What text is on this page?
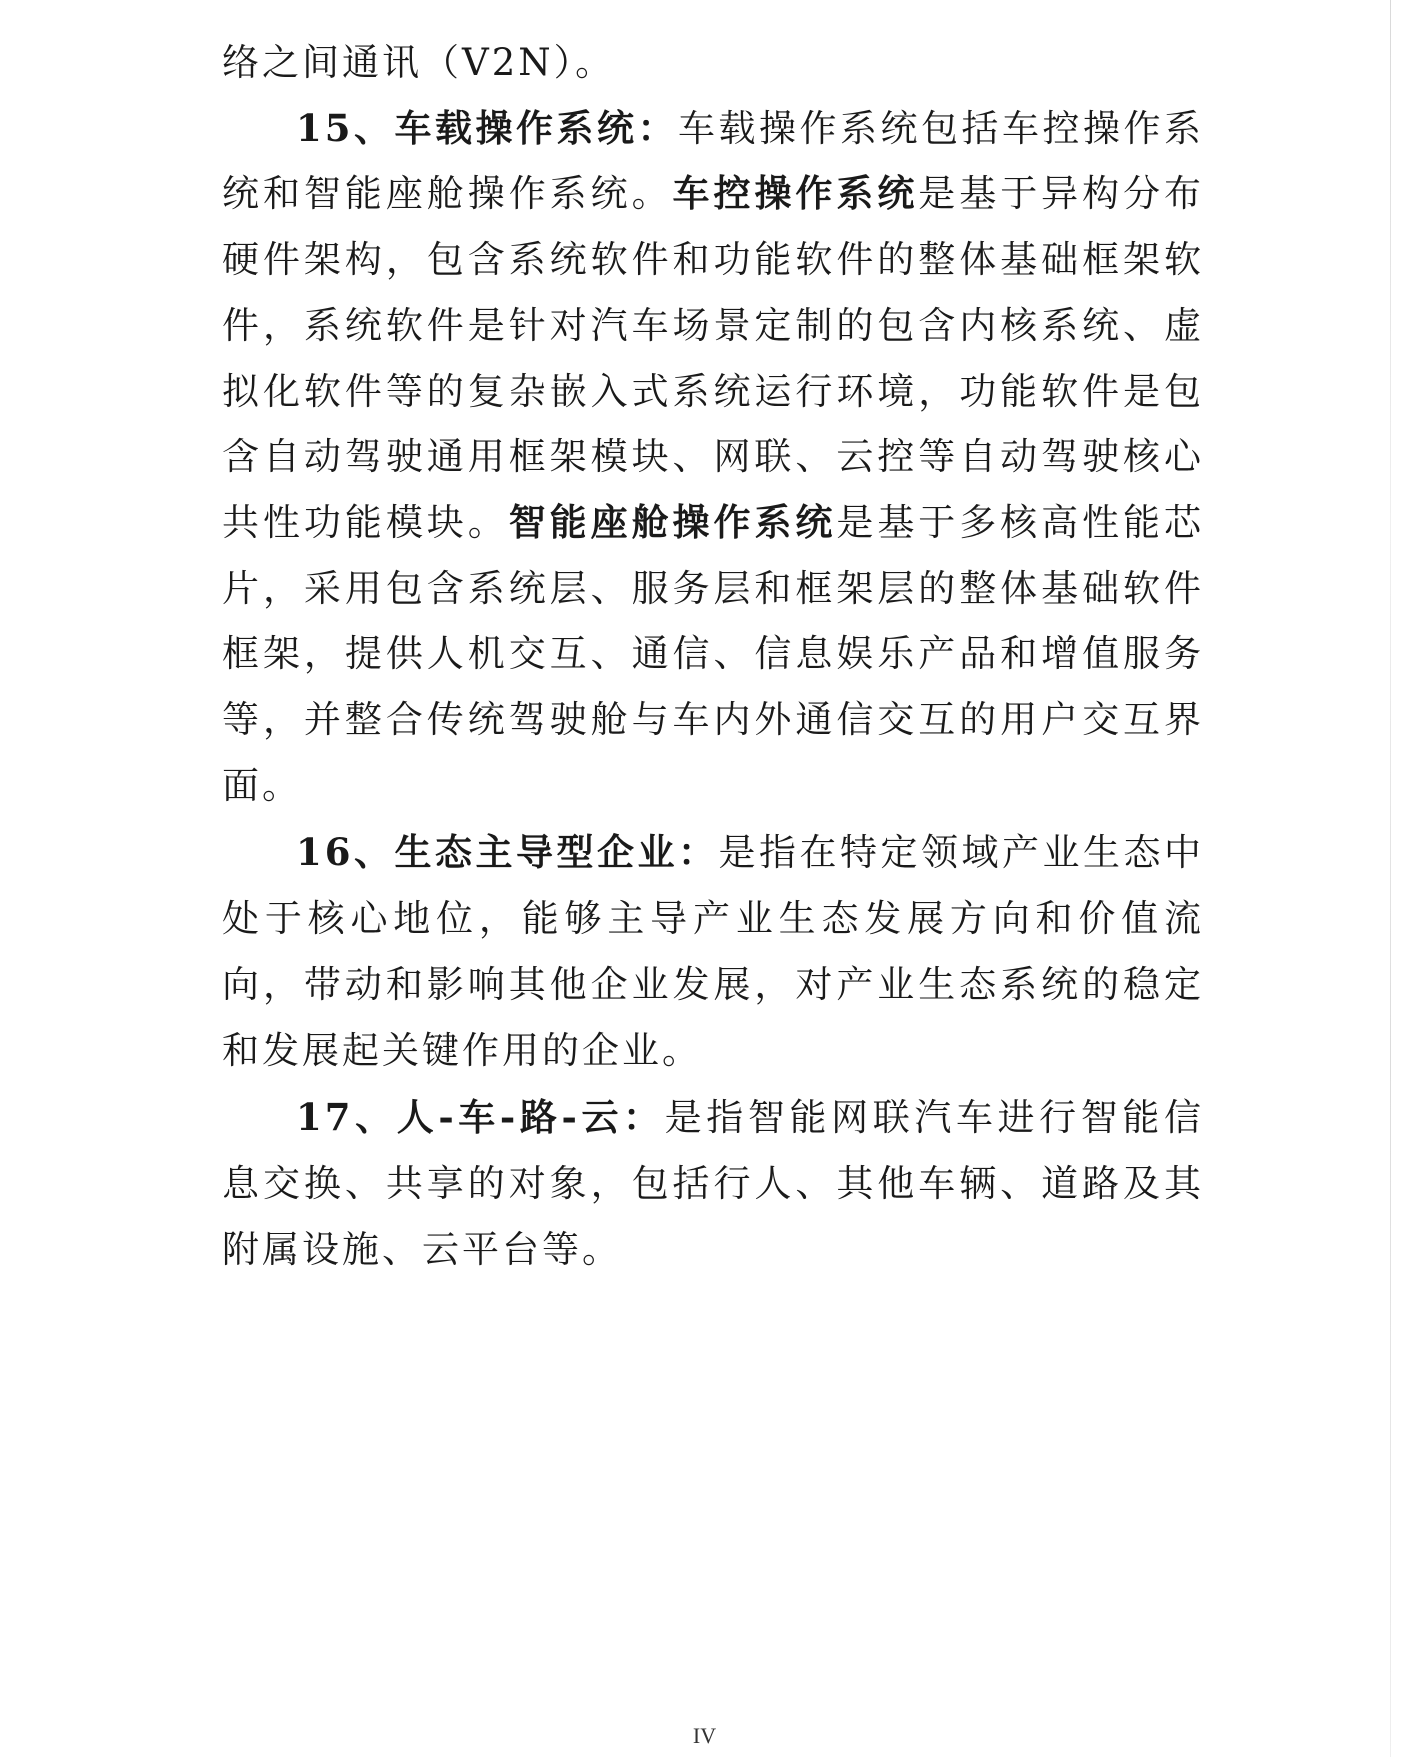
络之间通讯（V2N）。

15、车载操作系统：车载操作系统包括车控操作系统和智能座舱操作系统。车控操作系统是基于异构分布硬件架构，包含系统软件和功能软件的整体基础框架软件，系统软件是针对汽车场景定制的包含内核系统、虚拟化软件等的复杂嵌入式系统运行环境，功能软件是包含自动驾驶通用框架模块、网联、云控等自动驾驶核心共性功能模块。智能座舱操作系统是基于多核高性能芯片，采用包含系统层、服务层和框架层的整体基础软件框架，提供人机交互、通信、信息娱乐产品和增值服务等，并整合传统驾驶舱与车内外通信交互的用户交互界面。

16、生态主导型企业：是指在特定领域产业生态中处于核心地位，能够主导产业生态发展方向和价值流向，带动和影响其他企业发展，对产业生态系统的稳定和发展起关键作用的企业。

17、人-车-路-云：是指智能网联汽车进行智能信息交换、共享的对象，包括行人、其他车辆、道路及其附属设施、云平台等。

IV
